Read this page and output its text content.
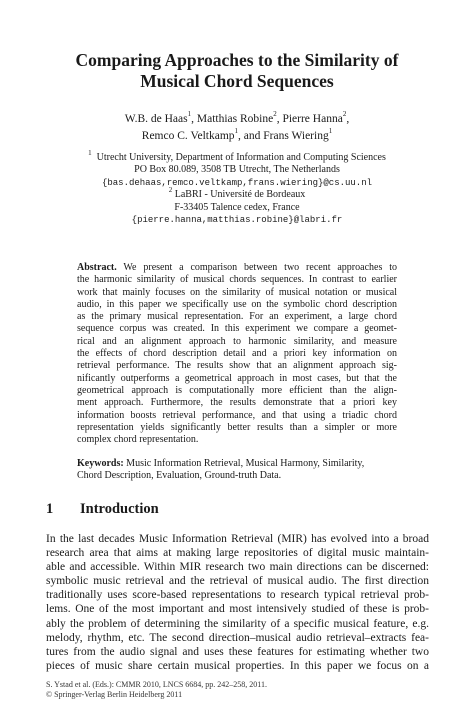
Comparing Approaches to the Similarity of
Musical Chord Sequences
W.B. de Haas$^1$, Matthias Robine$^2$, Pierre Hanna$^2$,
Remco C. Veltkamp$^1$, and Frans Wiering$^1$
$^1$ Utrecht University, Department of Information and Computing Sciences
PO Box 80.089, 3508 TB Utrecht, The Netherlands
{bas.dehaas,remco.veltkamp,frans.wiering}@cs.uu.nl
$^2$ LaBRI - Université de Bordeaux
F-33405 Talence cedex, France
{pierre.hanna,matthias.robine}@labri.fr
Abstract. We present a comparison between two recent approaches to
the harmonic similarity of musical chords sequences. In contrast to earlier
work that mainly focuses on the similarity of musical notation or musical
audio, in this paper we specifically use on the symbolic chord description
as the primary musical representation. For an experiment, a large chord
sequence corpus was created. In this experiment we compare a geomet-
rical and an alignment approach to harmonic similarity, and measure
the effects of chord description detail and a priori key information on
retrieval performance. The results show that an alignment approach sig-
nificantly outperforms a geometrical approach in most cases, but that the
geometrical approach is computationally more efficient than the align-
ment approach. Furthermore, the results demonstrate that a priori key
information boosts retrieval performance, and that using a triadic chord
representation yields significantly better results than a simpler or more
complex chord representation.
Keywords: Music Information Retrieval, Musical Harmony, Similarity,
Chord Description, Evaluation, Ground-truth Data.
1 Introduction
In the last decades Music Information Retrieval (MIR) has evolved into a broad
research area that aims at making large repositories of digital music maintain-
able and accessible. Within MIR research two main directions can be discerned:
symbolic music retrieval and the retrieval of musical audio. The first direction
traditionally uses score-based representations to research typical retrieval prob-
lems. One of the most important and most intensively studied of these is prob-
ably the problem of determining the similarity of a specific musical feature, e.g.
melody, rhythm, etc. The second direction–musical audio retrieval–extracts fea-
tures from the audio signal and uses these features for estimating whether two
pieces of music share certain musical properties. In this paper we focus on a
S. Ystad et al. (Eds.): CMMR 2010, LNCS 6684, pp. 242–258, 2011.
© Springer-Verlag Berlin Heidelberg 2011
